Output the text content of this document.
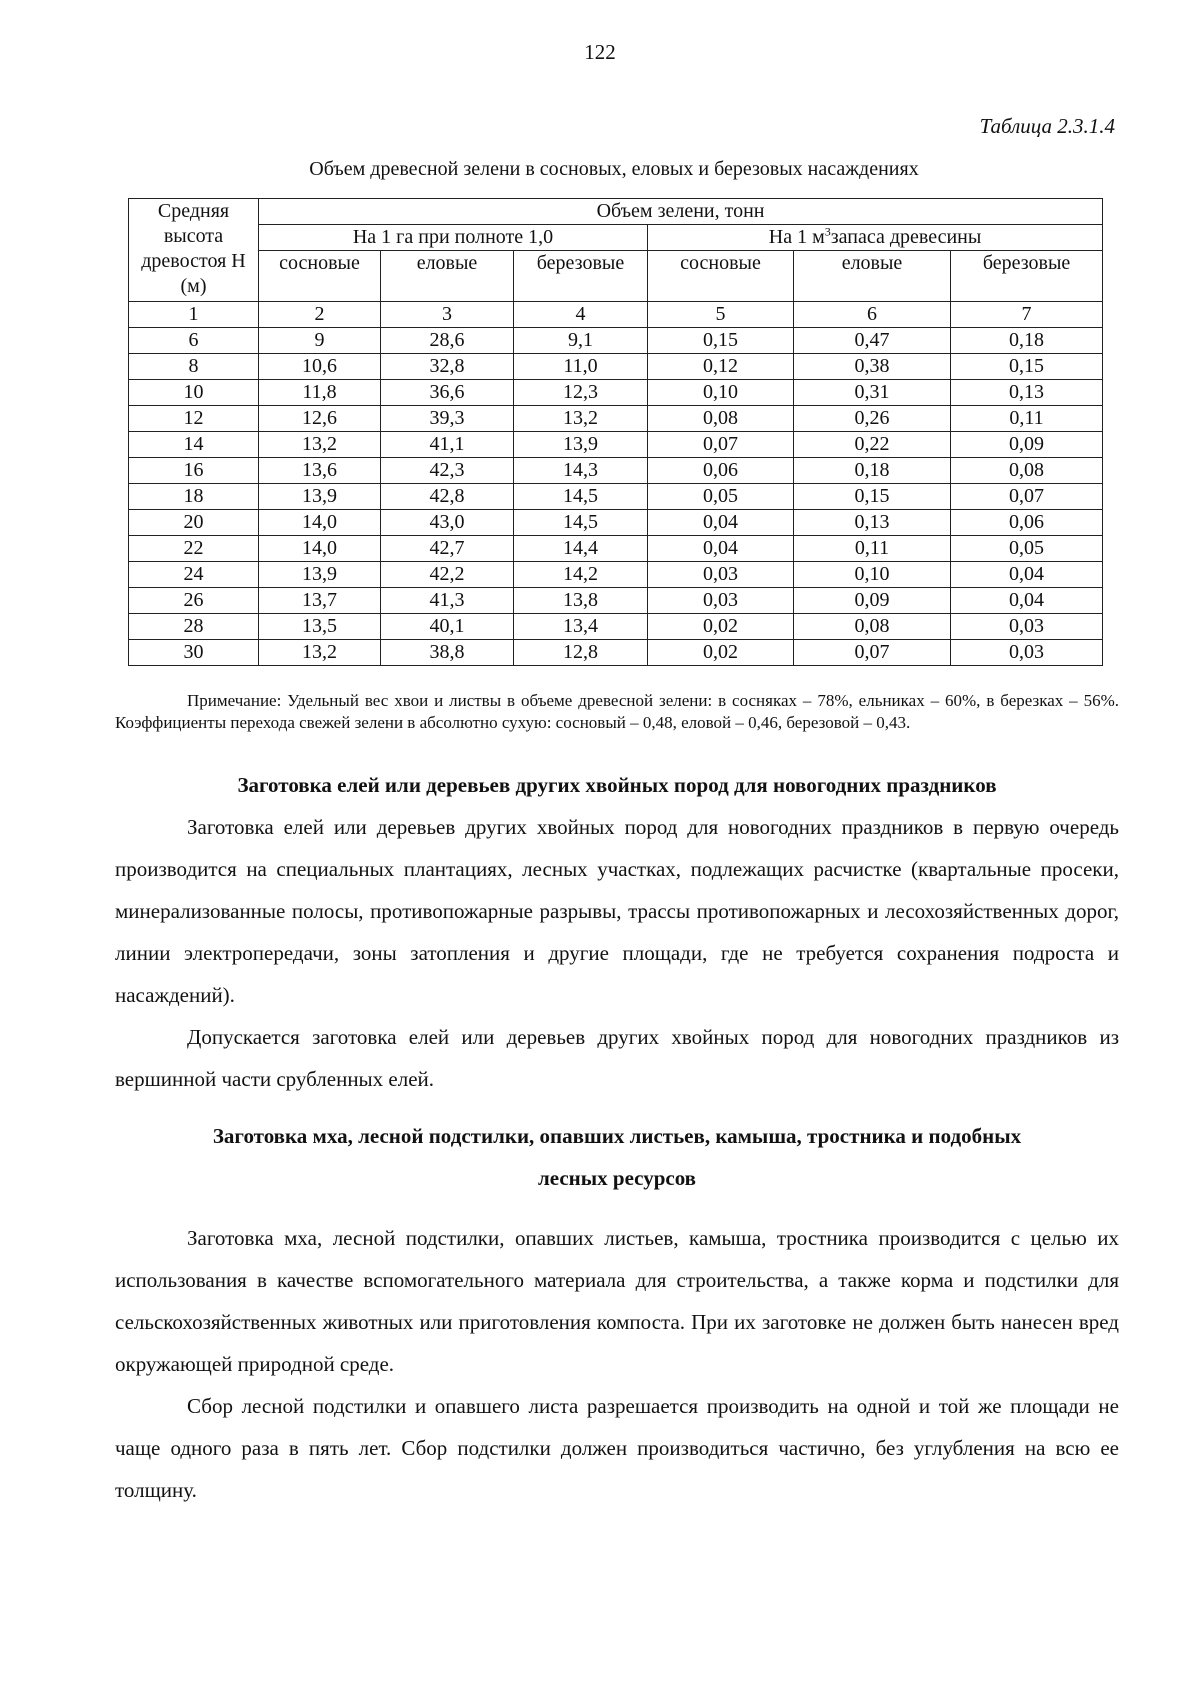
122
Таблица 2.3.1.4
Объем древесной зелени в сосновых, еловых и березовых насаждениях
Средняя высота древостоя Н (м)	Объем зелени, тонн					
	На 1 га при полноте 1,0			На 1 $м^3запаса$ древесины		
	сосновые	еловые	березовые	сосновые	еловые	березовые
1	2	3	4	5	6	7
6	9	28,6	9,1	0,15	0,47	0,18
8	10,6	32,8	11,0	0,12	0,38	0,15
10	11,8	36,6	12,3	0,10	0,31	0,13
12	12,6	39,3	13,2	0,08	0,26	0,11
14	13,2	41,1	13,9	0,07	0,22	0,09
16	13,6	42,3	14,3	0,06	0,18	0,08
18	13,9	42,8	14,5	0,05	0,15	0,07
20	14,0	43,0	14,5	0,04	0,13	0,06
22	14,0	42,7	14,4	0,04	0,11	0,05
24	13,9	42,2	14,2	0,03	0,10	0,04
26	13,7	41,3	13,8	0,03	0,09	0,04
28	13,5	40,1	13,4	0,02	0,08	0,03
30	13,2	38,8	12,8	0,02	0,07	0,03
Примечание: Удельный вес хвои и листвы в объеме древесной зелени: в сосняках – 78%, ельниках – 60%, в березках – 56%. Коэффициенты перехода свежей зелени в абсолютно сухую: сосновый – 0,48, еловой – 0,46, березовой – 0,43.
Заготовка елей или деревьев других хвойных пород для новогодних праздников

Заготовка елей или деревьев других хвойных пород для новогодних праздников в первую очередь производится на специальных плантациях, лесных участках, подлежащих расчистке (квартальные просеки, минерализованные полосы, противопожарные разрывы, трассы противопожарных и лесохозяйственных дорог, линии электропередачи, зоны затопления и другие площади, где не требуется сохранения подроста и насаждений).

Допускается заготовка елей или деревьев других хвойных пород для новогодних праздников из вершинной части срубленных елей.

Заготовка мха, лесной подстилки, опавших листьев, камыша, тростника и подобных
лесных ресурсов

Заготовка мха, лесной подстилки, опавших листьев, камыша, тростника производится с целью их использования в качестве вспомогательного материала для строительства, а также корма и подстилки для сельскохозяйственных животных или приготовления компоста. При их заготовке не должен быть нанесен вред окружающей природной среде.

Сбор лесной подстилки и опавшего листа разрешается производить на одной и той же площади не чаще одного раза в пять лет. Сбор подстилки должен производиться частично, без углубления на всю ее толщину.
